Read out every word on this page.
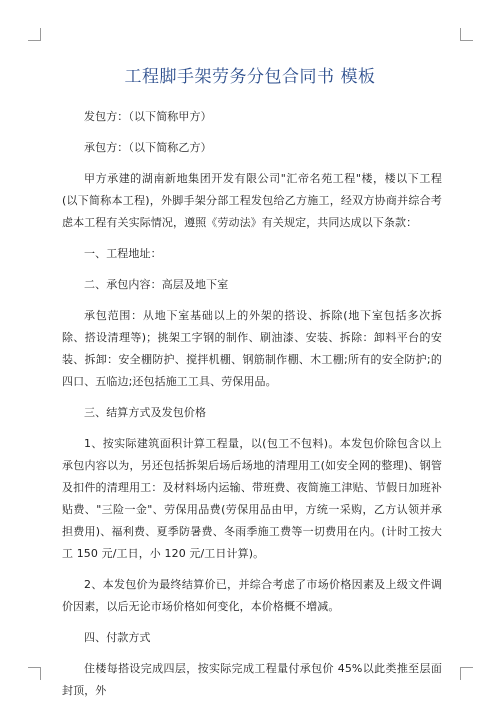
工程脚手架劳务分包合同书 模板

发包方：（以下简称甲方）

承包方：（以下简称乙方）

甲方承建的湖南新地集团开发有限公司"汇帝名苑工程"楼，楼以下工程(以下简称本工程)，外脚手架分部工程发包给乙方施工，经双方协商并综合考虑本工程有关实际情况，遵照《劳动法》有关规定，共同达成以下条款：

一、工程地址：

二、承包内容：高层及地下室

承包范围：从地下室基础以上的外架的搭设、拆除(地下室包括多次拆除、搭设清理等)；挑架工字钢的制作、刷油漆、安装、拆除：卸料平台的安装、拆卸：安全棚防护、搅拌机棚、钢筋制作棚、木工棚;所有的安全防护;的四口、五临边;还包括施工工具、劳保用品。

三、结算方式及发包价格

1、按实际建筑面积计算工程量，以(包工不包料)。本发包价除包含以上承包内容以为，另还包括拆架后场后场地的清理用工(如安全网的整理)、钢管及扣件的清理用工：及材料场内运输、带班费、夜简施工津贴、节假日加班补贴费、"三险一金"、劳保用品费(劳保用品由甲，方统一采购，乙方认领并承担费用)、福利费、夏季防暑费、冬雨季施工费等一切费用在内。(计时工按大工 150 元/工日，小 120 元/工日计算)。

2、本发包价为最终结算价已，并综合考虑了市场价格因素及上级文件调价因素，以后无论市场价格如何变化，本价格概不增减。

四、付款方式

住楼每搭设完成四层，按实际完成工程量付承包价 45%以此类推至层面封顶，外
